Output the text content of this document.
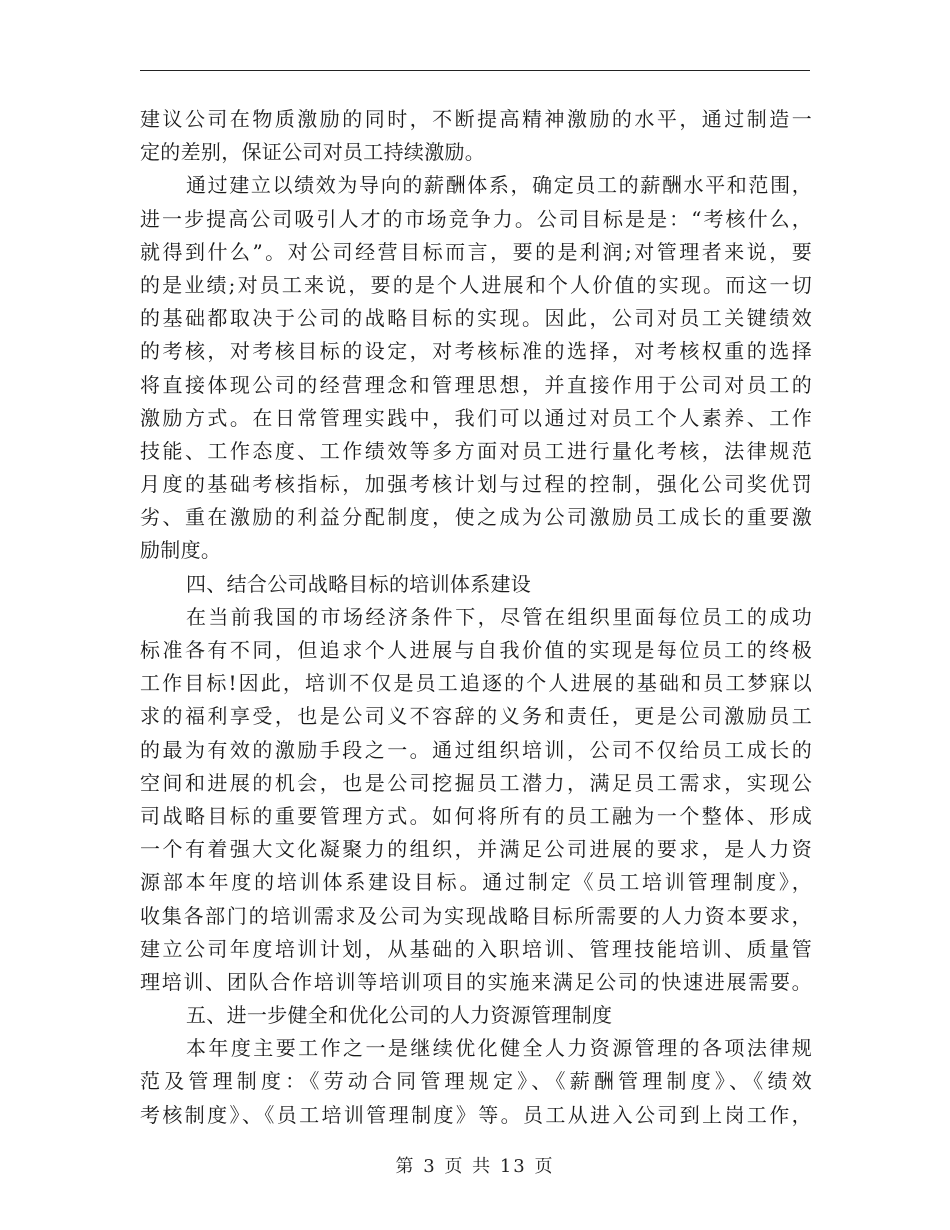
建议公司在物质激励的同时，不断提高精神激励的水平，通过制造一
定的差别，保证公司对员工持续激励。
通过建立以绩效为导向的薪酬体系，确定员工的薪酬水平和范围，
进一步提高公司吸引人才的市场竞争力。公司目标是是：“考核什么，
就得到什么”。对公司经营目标而言，要的是利润;对管理者来说，要
的是业绩;对员工来说，要的是个人进展和个人价值的实现。而这一切
的基础都取决于公司的战略目标的实现。因此，公司对员工关键绩效
的考核，对考核目标的设定，对考核标准的选择，对考核权重的选择
将直接体现公司的经营理念和管理思想，并直接作用于公司对员工的
激励方式。在日常管理实践中，我们可以通过对员工个人素养、工作
技能、工作态度、工作绩效等多方面对员工进行量化考核，法律规范
月度的基础考核指标，加强考核计划与过程的控制，强化公司奖优罚
劣、重在激励的利益分配制度，使之成为公司激励员工成长的重要激
励制度。
四、结合公司战略目标的培训体系建设
在当前我国的市场经济条件下，尽管在组织里面每位员工的成功
标准各有不同，但追求个人进展与自我价值的实现是每位员工的终极
工作目标!因此，培训不仅是员工追逐的个人进展的基础和员工梦寐以
求的福利享受，也是公司义不容辞的义务和责任，更是公司激励员工
的最为有效的激励手段之一。通过组织培训，公司不仅给员工成长的
空间和进展的机会，也是公司挖掘员工潜力，满足员工需求，实现公
司战略目标的重要管理方式。如何将所有的员工融为一个整体、形成
一个有着强大文化凝聚力的组织，并满足公司进展的要求，是人力资
源部本年度的培训体系建设目标。通过制定《员工培训管理制度》，
收集各部门的培训需求及公司为实现战略目标所需要的人力资本要求，
建立公司年度培训计划，从基础的入职培训、管理技能培训、质量管
理培训、团队合作培训等培训项目的实施来满足公司的快速进展需要。
五、进一步健全和优化公司的人力资源管理制度
本年度主要工作之一是继续优化健全人力资源管理的各项法律规
范及管理制度：《劳动合同管理规定》、《薪酬管理制度》、《绩效
考核制度》、《员工培训管理制度》等。员工从进入公司到上岗工作，
第 3 页 共 13 页
